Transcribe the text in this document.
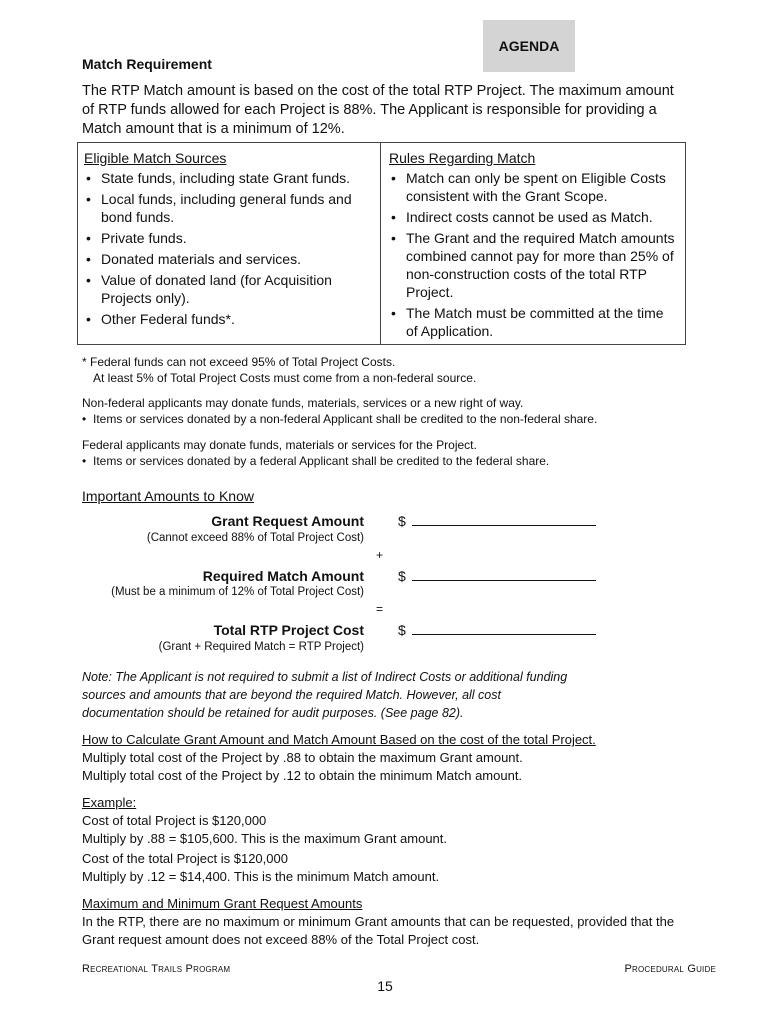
AGENDA
Match Requirement
The RTP Match amount is based on the cost of the total RTP Project. The maximum amount of RTP funds allowed for each Project is 88%. The Applicant is responsible for providing a Match amount that is a minimum of 12%.
Eligible Match Sources
• State funds, including state Grant funds.
• Local funds, including general funds and bond funds.
• Private funds.
• Donated materials and services.
• Value of donated land (for Acquisition Projects only).
• Other Federal funds*.
Rules Regarding Match
• Match can only be spent on Eligible Costs consistent with the Grant Scope.
• Indirect costs cannot be used as Match.
• The Grant and the required Match amounts combined cannot pay for more than 25% of non-construction costs of the total RTP Project.
• The Match must be committed at the time of Application.
* Federal funds can not exceed 95% of Total Project Costs.
At least 5% of Total Project Costs must come from a non-federal source.
Non-federal applicants may donate funds, materials, services or a new right of way.
• Items or services donated by a non-federal Applicant shall be credited to the non-federal share.
Federal applicants may donate funds, materials or services for the Project.
• Items or services donated by a federal Applicant shall be credited to the federal share.
Important Amounts to Know
Grant Request Amount
(Cannot exceed 88% of Total Project Cost)
$
+
Required Match Amount
(Must be a minimum of 12% of Total Project Cost)
$
=
Total RTP Project Cost
(Grant + Required Match = RTP Project)
$
Note: The Applicant is not required to submit a list of Indirect Costs or additional funding sources and amounts that are beyond the required Match. However, all cost documentation should be retained for audit purposes. (See page 82).
How to Calculate Grant Amount and Match Amount Based on the cost of the total Project.
Multiply total cost of the Project by .88 to obtain the maximum Grant amount.
Multiply total cost of the Project by .12 to obtain the minimum Match amount.
Example:
Cost of total Project is $120,000
Multiply by .88 = $105,600. This is the maximum Grant amount.
Cost of the total Project is $120,000
Multiply by .12 = $14,400. This is the minimum Match amount.
Maximum and Minimum Grant Request Amounts
In the RTP, there are no maximum or minimum Grant amounts that can be requested, provided that the Grant request amount does not exceed 88% of the Total Project cost.
Recreational Trails Program	Procedural Guide
15
